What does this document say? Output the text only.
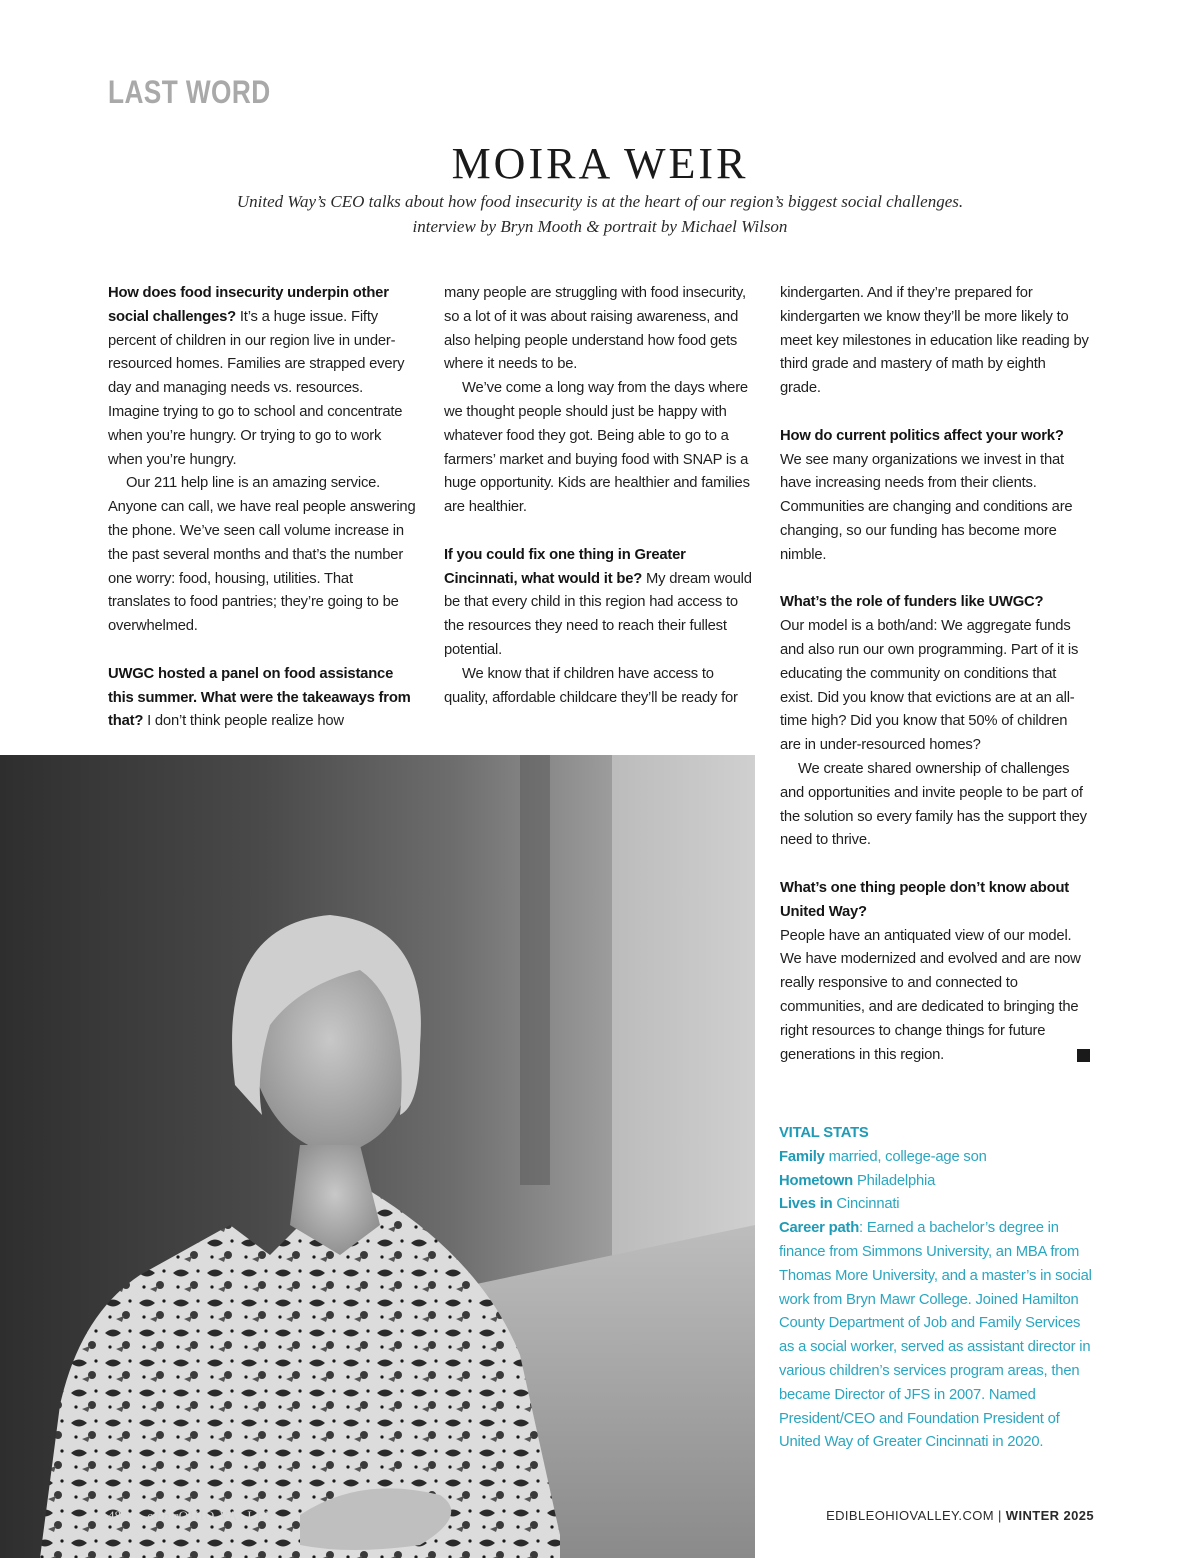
LAST WORD
MOIRA WEIR
United Way’s CEO talks about how food insecurity is at the heart of our region’s biggest social challenges.
interview by Bryn Mooth & portrait by Michael Wilson

How does food insecurity underpin other social challenges? It’s a huge issue. Fifty percent of children in our region live in under-resourced homes. Families are strapped every day and managing needs vs. resources. Imagine trying to go to school and concentrate when you’re hungry. Or trying to go to work when you’re hungry.

Our 211 help line is an amazing service. Anyone can call, we have real people answering the phone. We’ve seen call volume increase in the past several months and that’s the number one worry: food, housing, utilities. That translates to food pantries; they’re going to be overwhelmed.

UWGC hosted a panel on food assistance this summer. What were the takeaways from that? I don’t think people realize how

many people are struggling with food insecurity, so a lot of it was about raising awareness, and also helping people understand how food gets where it needs to be.

We’ve come a long way from the days where we thought people should just be happy with whatever food they got. Being able to go to a farmers’ market and buying food with SNAP is a huge opportunity. Kids are healthier and families are healthier.

If you could fix one thing in Greater Cincinnati, what would it be? My dream would be that every child in this region had access to the resources they need to reach their fullest potential.

We know that if children have access to quality, affordable childcare they’ll be ready for

kindergarten. And if they’re prepared for kindergarten we know they’ll be more likely to meet key milestones in education like reading by third grade and mastery of math by eighth grade.

How do current politics affect your work?

We see many organizations we invest in that have increasing needs from their clients. Communities are changing and conditions are changing, so our funding has become more nimble.

What’s the role of funders like UWGC?

Our model is a both/and: We aggregate funds and also run our own programming. Part of it is educating the community on conditions that exist. Did you know that evictions are at an all-time high? Did you know that 50% of children are in under-resourced homes?

We create shared ownership of challenges and opportunities and invite people to be part of the solution so every family has the support they need to thrive.

What’s one thing people don’t know about United Way?

People have an antiquated view of our model. We have modernized and evolved and are now really responsive to and connected to communities, and are dedicated to bringing the right resources to change things for future generations in this region.

VITAL STATS
Family married, college-age son
Hometown Philadelphia
Lives in Cincinnati
Career path: Earned a bachelor’s degree in finance from Simmons University, an MBA from Thomas More University, and a master’s in social work from Bryn Mawr College. Joined Hamilton County Department of Job and Family Services as a social worker, served as assistant director in various children’s services program areas, then became Director of JFS in 2007. Named President/CEO and Foundation President of United Way of Greater Cincinnati in 2020.
48 edibleOHIO VALLEY	EDIBLEOHIOVALLEY.COM | WINTER 2025
